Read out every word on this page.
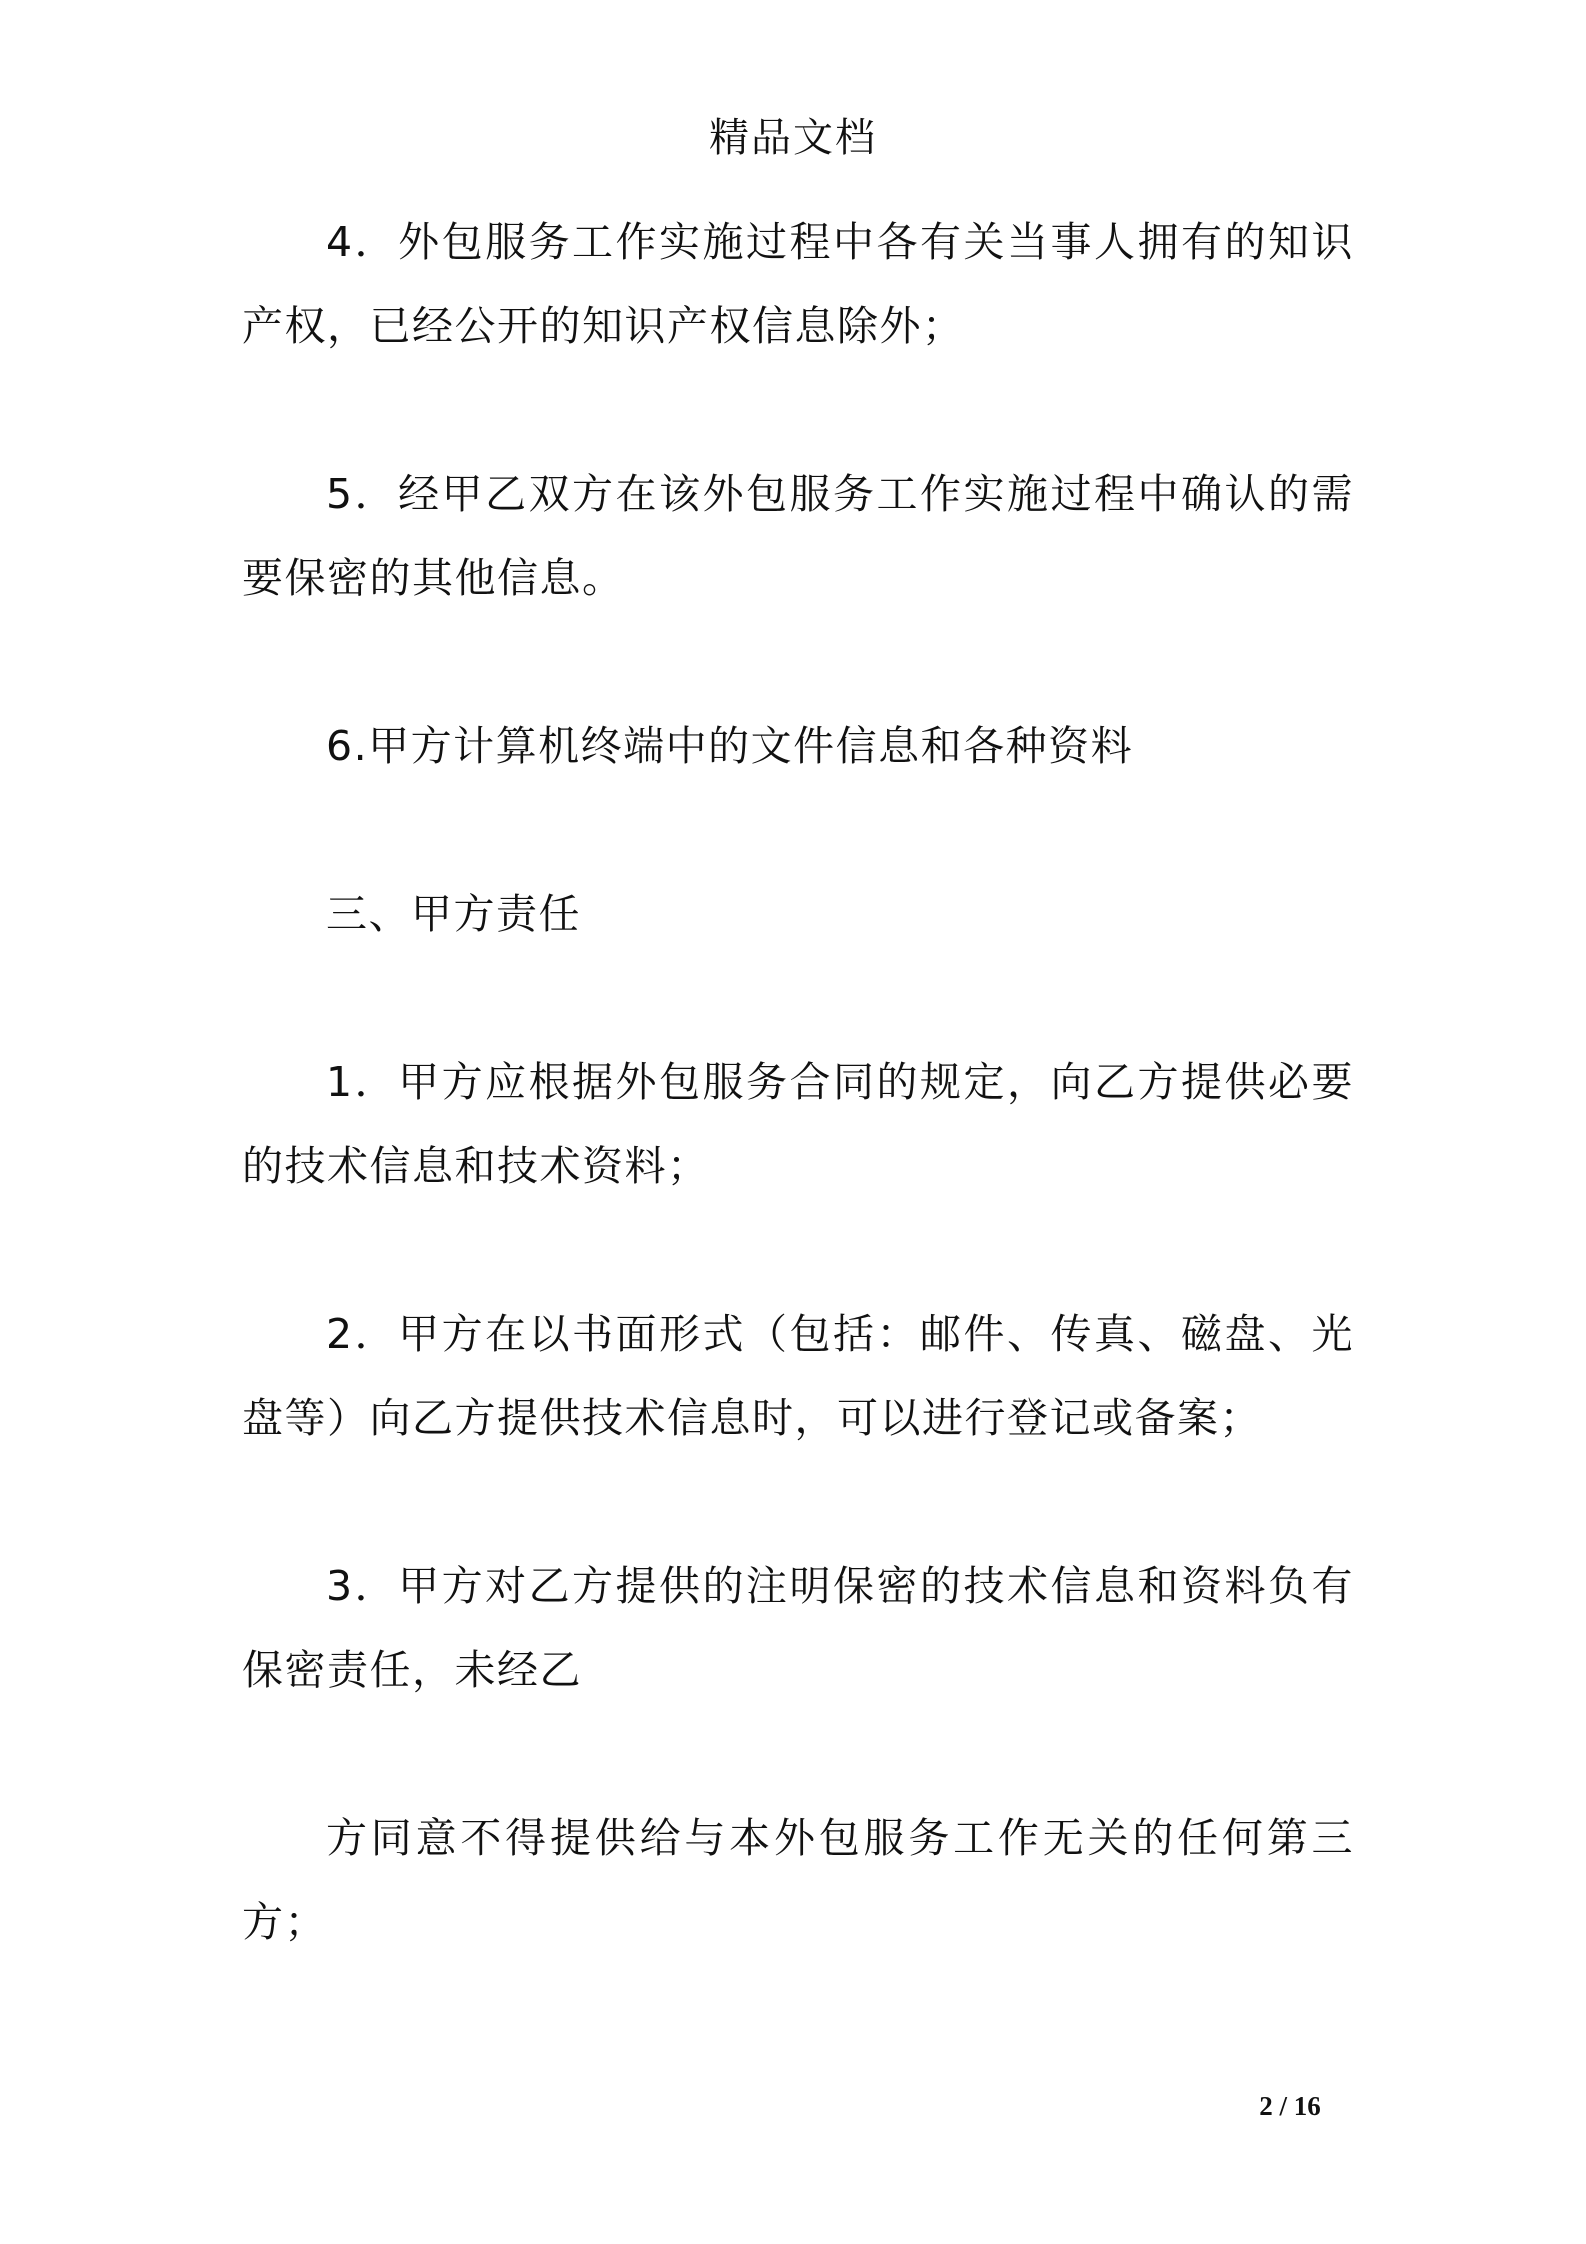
精品文档

4．外包服务工作实施过程中各有关当事人拥有的知识产权，已经公开的知识产权信息除外；

5．经甲乙双方在该外包服务工作实施过程中确认的需要保密的其他信息。

6.甲方计算机终端中的文件信息和各种资料

三、甲方责任

1．甲方应根据外包服务合同的规定，向乙方提供必要的技术信息和技术资料；

2．甲方在以书面形式（包括：邮件、传真、磁盘、光盘等）向乙方提供技术信息时，可以进行登记或备案；

3．甲方对乙方提供的注明保密的技术信息和资料负有保密责任，未经乙

方同意不得提供给与本外包服务工作无关的任何第三方；

2 / 16
